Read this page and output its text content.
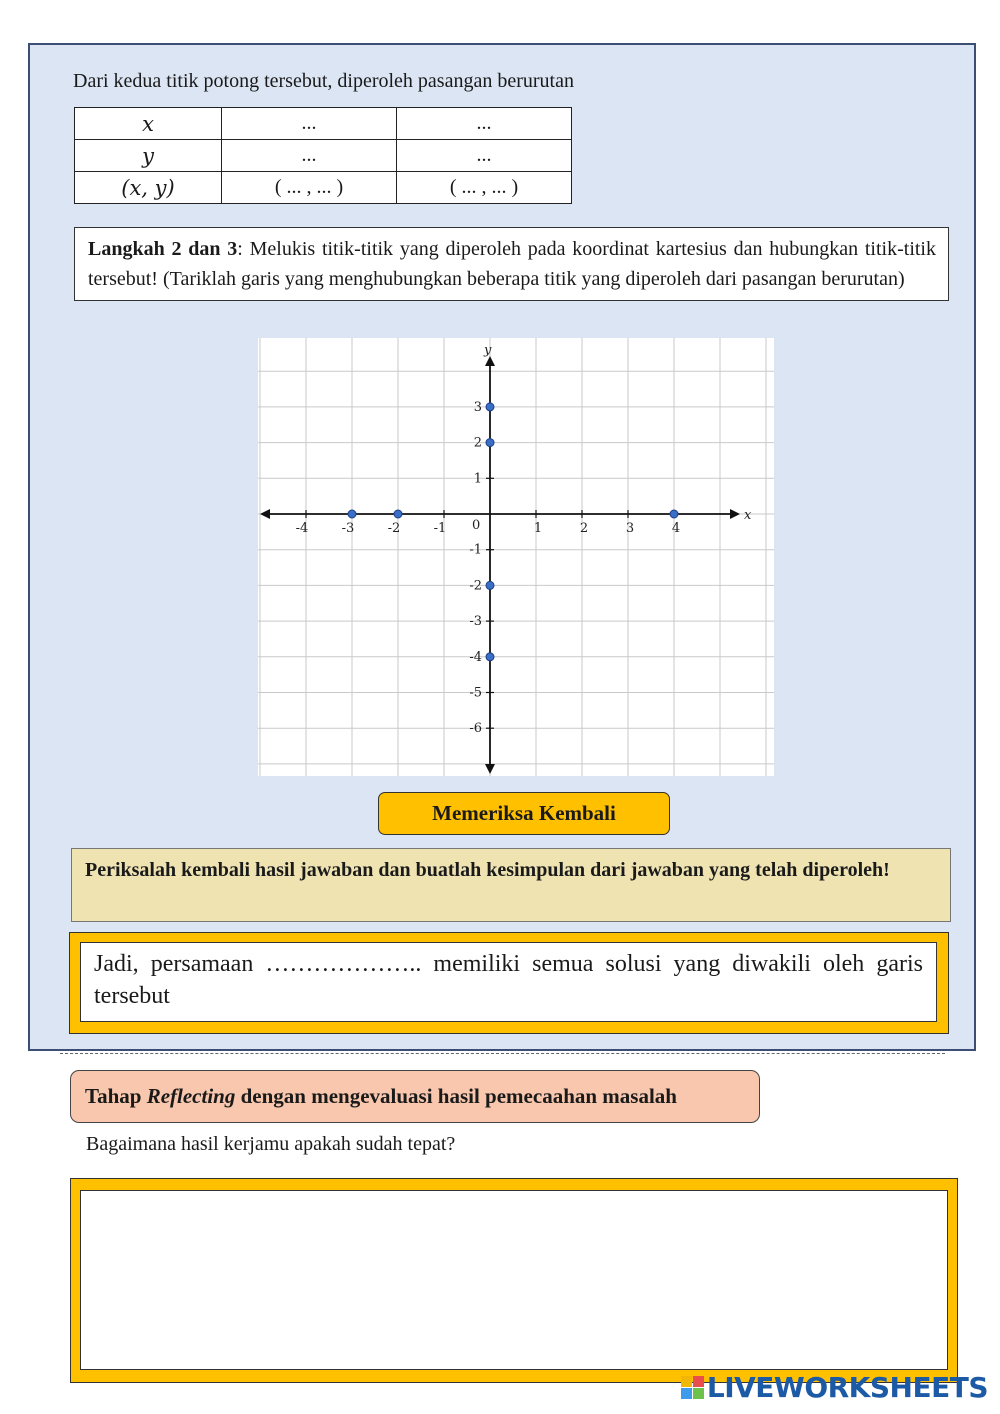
Dari kedua titik potong tersebut, diperoleh pasangan berurutan
x	...	...
y	...	...
(x, y)	( ... , ... )	( ... , ... )
Langkah 2 dan 3: Melukis titik-titik yang diperoleh pada koordinat kartesius dan hubungkan titik-titik tersebut! (Tariklah garis yang menghubungkan beberapa titik yang diperoleh dari pasangan berurutan)
x
y
0
-4	-3	-2	-1	1	2	3	4
3
2
1
-1
-2
-3
-4
-5
-6
Memeriksa Kembali
Periksalah kembali hasil jawaban dan buatlah kesimpulan dari jawaban yang telah diperoleh!
Jadi, persamaan ……………….. memiliki semua solusi yang diwakili oleh garis tersebut
Tahap Reflecting dengan mengevaluasi hasil pemecaahan masalah
Bagaimana hasil kerjamu apakah sudah tepat?
LIVEWORKSHEETS
